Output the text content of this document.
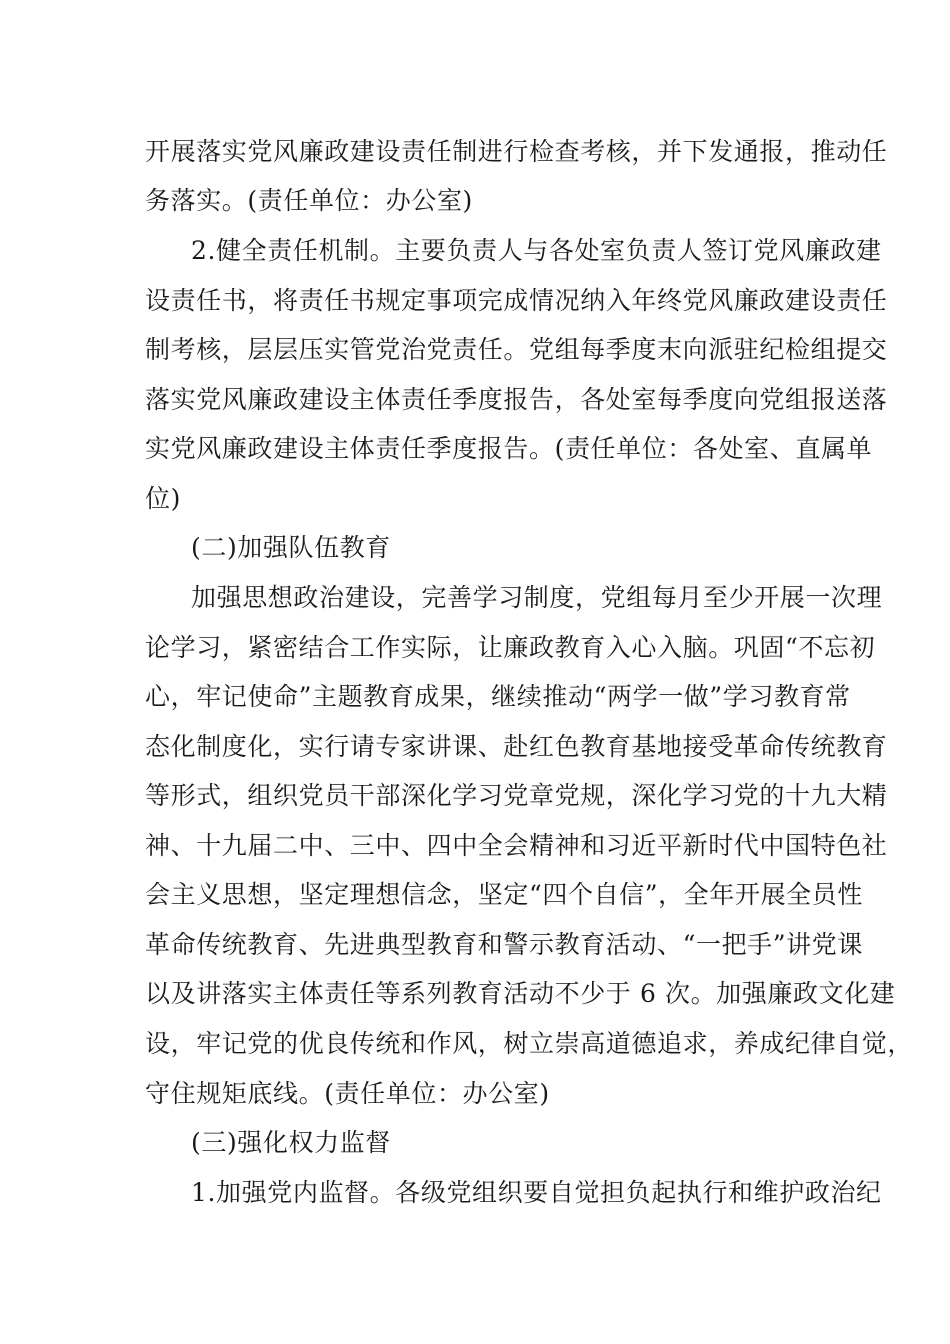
开展落实党风廉政建设责任制进行检查考核，并下发通报，推动任
务落实。(责任单位：办公室)
2.健全责任机制。主要负责人与各处室负责人签订党风廉政建
设责任书，将责任书规定事项完成情况纳入年终党风廉政建设责任
制考核，层层压实管党治党责任。党组每季度末向派驻纪检组提交
落实党风廉政建设主体责任季度报告，各处室每季度向党组报送落
实党风廉政建设主体责任季度报告。(责任单位：各处室、直属单
位)
(二)加强队伍教育
加强思想政治建设，完善学习制度，党组每月至少开展一次理
论学习，紧密结合工作实际，让廉政教育入心入脑。巩固“不忘初
心，牢记使命”主题教育成果，继续推动“两学一做”学习教育常
态化制度化，实行请专家讲课、赴红色教育基地接受革命传统教育
等形式，组织党员干部深化学习党章党规，深化学习党的十九大精
神、十九届二中、三中、四中全会精神和习近平新时代中国特色社
会主义思想，坚定理想信念，坚定“四个自信”，全年开展全员性
革命传统教育、先进典型教育和警示教育活动、“一把手”讲党课
以及讲落实主体责任等系列教育活动不少于 6 次。加强廉政文化建
设，牢记党的优良传统和作风，树立崇高道德追求，养成纪律自觉，
守住规矩底线。(责任单位：办公室)
(三)强化权力监督
1.加强党内监督。各级党组织要自觉担负起执行和维护政治纪
